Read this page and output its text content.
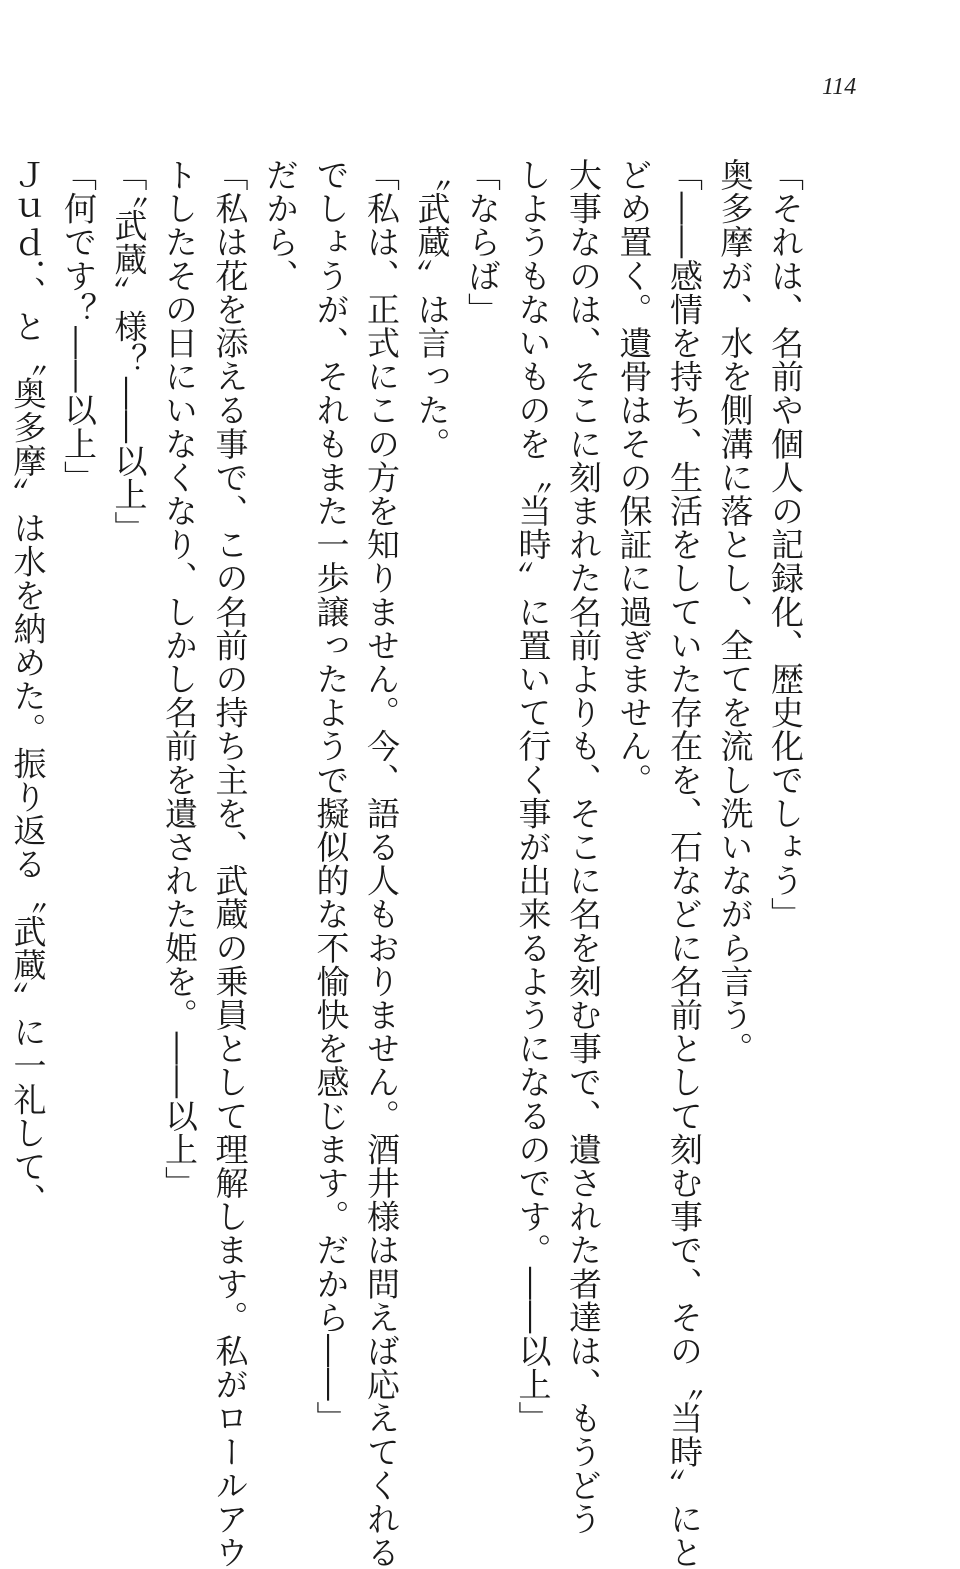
114
「それは、名前や個人の記録化、歴史化でしょう」
奥多摩が、水を側溝に落とし、全てを流し洗いながら言う。
「――感情を持ち、生活をしていた存在を、石などに名前として刻む事で、その〝当時〟にと
どめ置く。遺骨はその保証に過ぎません。
大事なのは、そこに刻まれた名前よりも、そこに名を刻む事で、遺された者達は、もうどう
しようもないものを〝当時〟に置いて行く事が出来るようになるのです。――以上」
「ならば」
〝武蔵〟は言った。
「私は、正式にこの方を知りません。今、語る人もおりません。酒井様は問えば応えてくれる
でしょうが、それもまた一歩譲ったようで擬似的な不愉快を感じます。だから――」
だから、
「私は花を添える事で、この名前の持ち主を、武蔵の乗員として理解します。私がロールアウ
トしたその日にいなくなり、しかし名前を遺された姫を。――以上」
「〝武蔵〟様？――以上」
「何です？――以上」
Ｊｕｄ．、と〝奥多摩〟は水を納めた。振り返る〝武蔵〟に一礼して、
